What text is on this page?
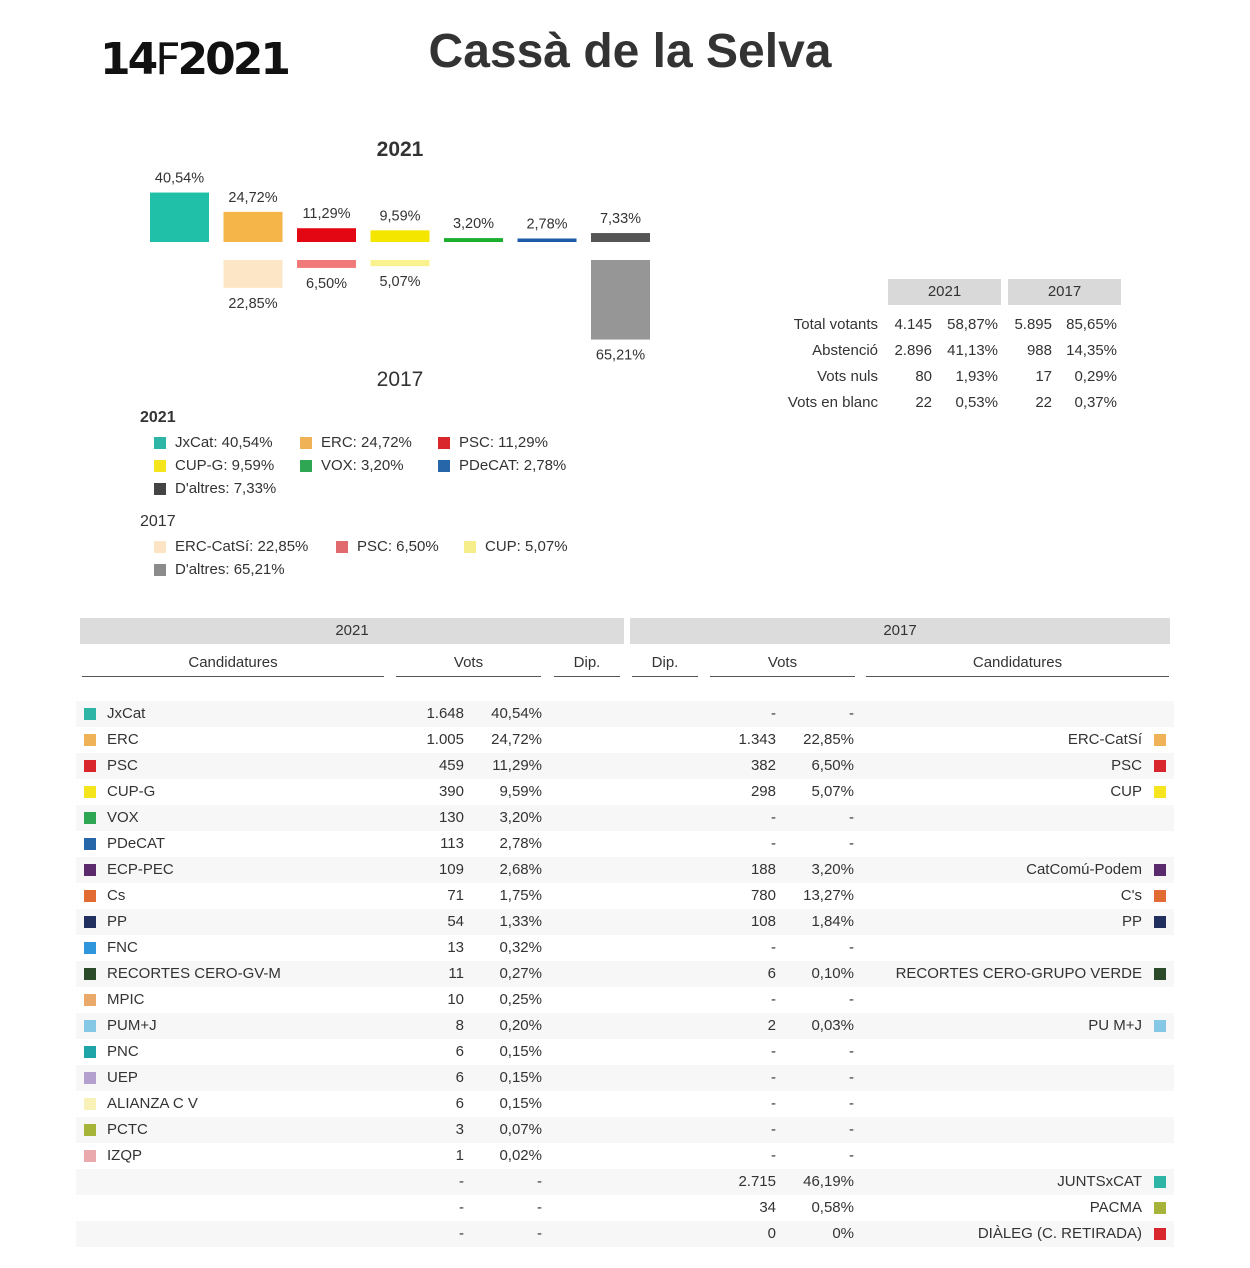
14F2021	Cassà de la Selva
2021
2017
40,54%
24,72%
22,85%
11,29%
6,50%
9,59%
5,07%
3,20% 2,78% 7,33%
65,21%
2021
JxCat: 40,54%	ERC: 24,72%	PSC: 11,29%
CUP-G: 9,59%	VOX: 3,20%	PDeCAT: 2,78%
D'altres: 7,33%
2017
ERC-CatSí: 22,85%	PSC: 6,50%	CUP: 5,07%
D'altres: 65,21%
2021	2017
Total votants 4.145 58,87% 5.895 85,65%
Abstenció 2.896 41,13% 988 14,35%
Vots nuls 80 1,93% 17 0,29%
Vots en blanc 22 0,53% 22 0,37%
2021	2017
Candidatures	Vots	Dip.	Dip.	Vots	Candidatures
JxCat	1.648 40,54%	-	-
ERC	1.005 24,72%	1.343 22,85%	ERC-CatSí
PSC	459 11,29%	382 6,50%	PSC
CUP-G	390 9,59%	298 5,07%	CUP
VOX	130 3,20%	-	-
PDeCAT	113 2,78%	-	-
ECP-PEC	109 2,68%	188 3,20%	CatComú-Podem
Cs	71 1,75%	780 13,27%	C's
PP	54 1,33%	108 1,84%	PP
FNC	13 0,32%	-	-
RECORTES CERO-GV-M	11 0,27%	6 0,10%	RECORTES CERO-GRUPO VERDE
MPIC	10 0,25%	-	-
PUM+J	8 0,20%	2 0,03%	PU M+J
PNC	6 0,15%	-	-
UEP	6 0,15%	-	-
ALIANZA C V	6 0,15%	-	-
PCTC	3 0,07%	-	-
IZQP	1 0,02%	-	-
-	-	2.715 46,19%	JUNTSxCAT
-	-	34 0,58%	PACMA
-	-	0	0%	DIÀLEG (C. RETIRADA)
